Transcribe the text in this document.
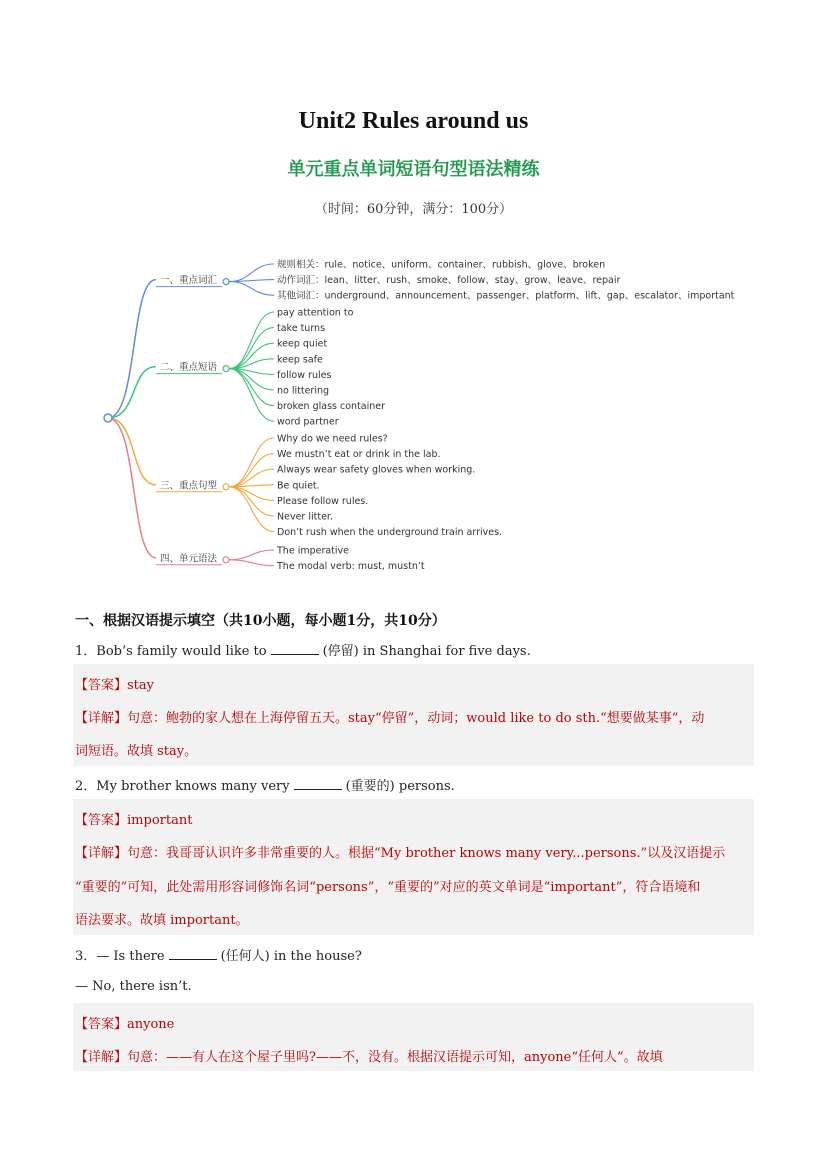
Unit2 Rules around us
单元重点单词短语句型语法精练
（时间：60分钟，满分：100分）
一、重点词汇
规则相关：rule、notice、uniform、container、rubbish、glove、broken
动作词汇：lean、litter、rush、smoke、follow、stay、grow、leave、repair
其他词汇：underground、announcement、passenger、platform、lift、gap、escalator、important
二、重点短语
pay attention to
take turns
keep quiet
keep safe
follow rules
no littering
broken glass container
word partner
三、重点句型
Why do we need rules?
We mustn’t eat or drink in the lab.
Always wear safety gloves when working.
Be quiet.
Please follow rules.
Never litter.
Don’t rush when the underground train arrives.
四、单元语法
The imperative
The modal verb: must, mustn’t
一、根据汉语提示填空（共10小题，每小题1分，共10分）
1．Bob’s family would like to	(停留) in Shanghai for five days.
【答案】stay
【详解】句意：鲍勃的家人想在上海停留五天。stay“停留”，动词；would like to do sth.“想要做某事”，动
词短语。故填 stay。
2．My brother knows many very	(重要的) persons.
【答案】important
【详解】句意：我哥哥认识许多非常重要的人。根据“My brother knows many very...persons.”以及汉语提示
“重要的”可知，此处需用形容词修饰名词“persons”，“重要的”对应的英文单词是“important”，符合语境和
语法要求。故填 important。
3．— Is there	(任何人) in the house?
— No, there isn’t.
【答案】anyone
【详解】句意：——有人在这个屋子里吗?——不，没有。根据汉语提示可知，anyone“任何人”。故填
